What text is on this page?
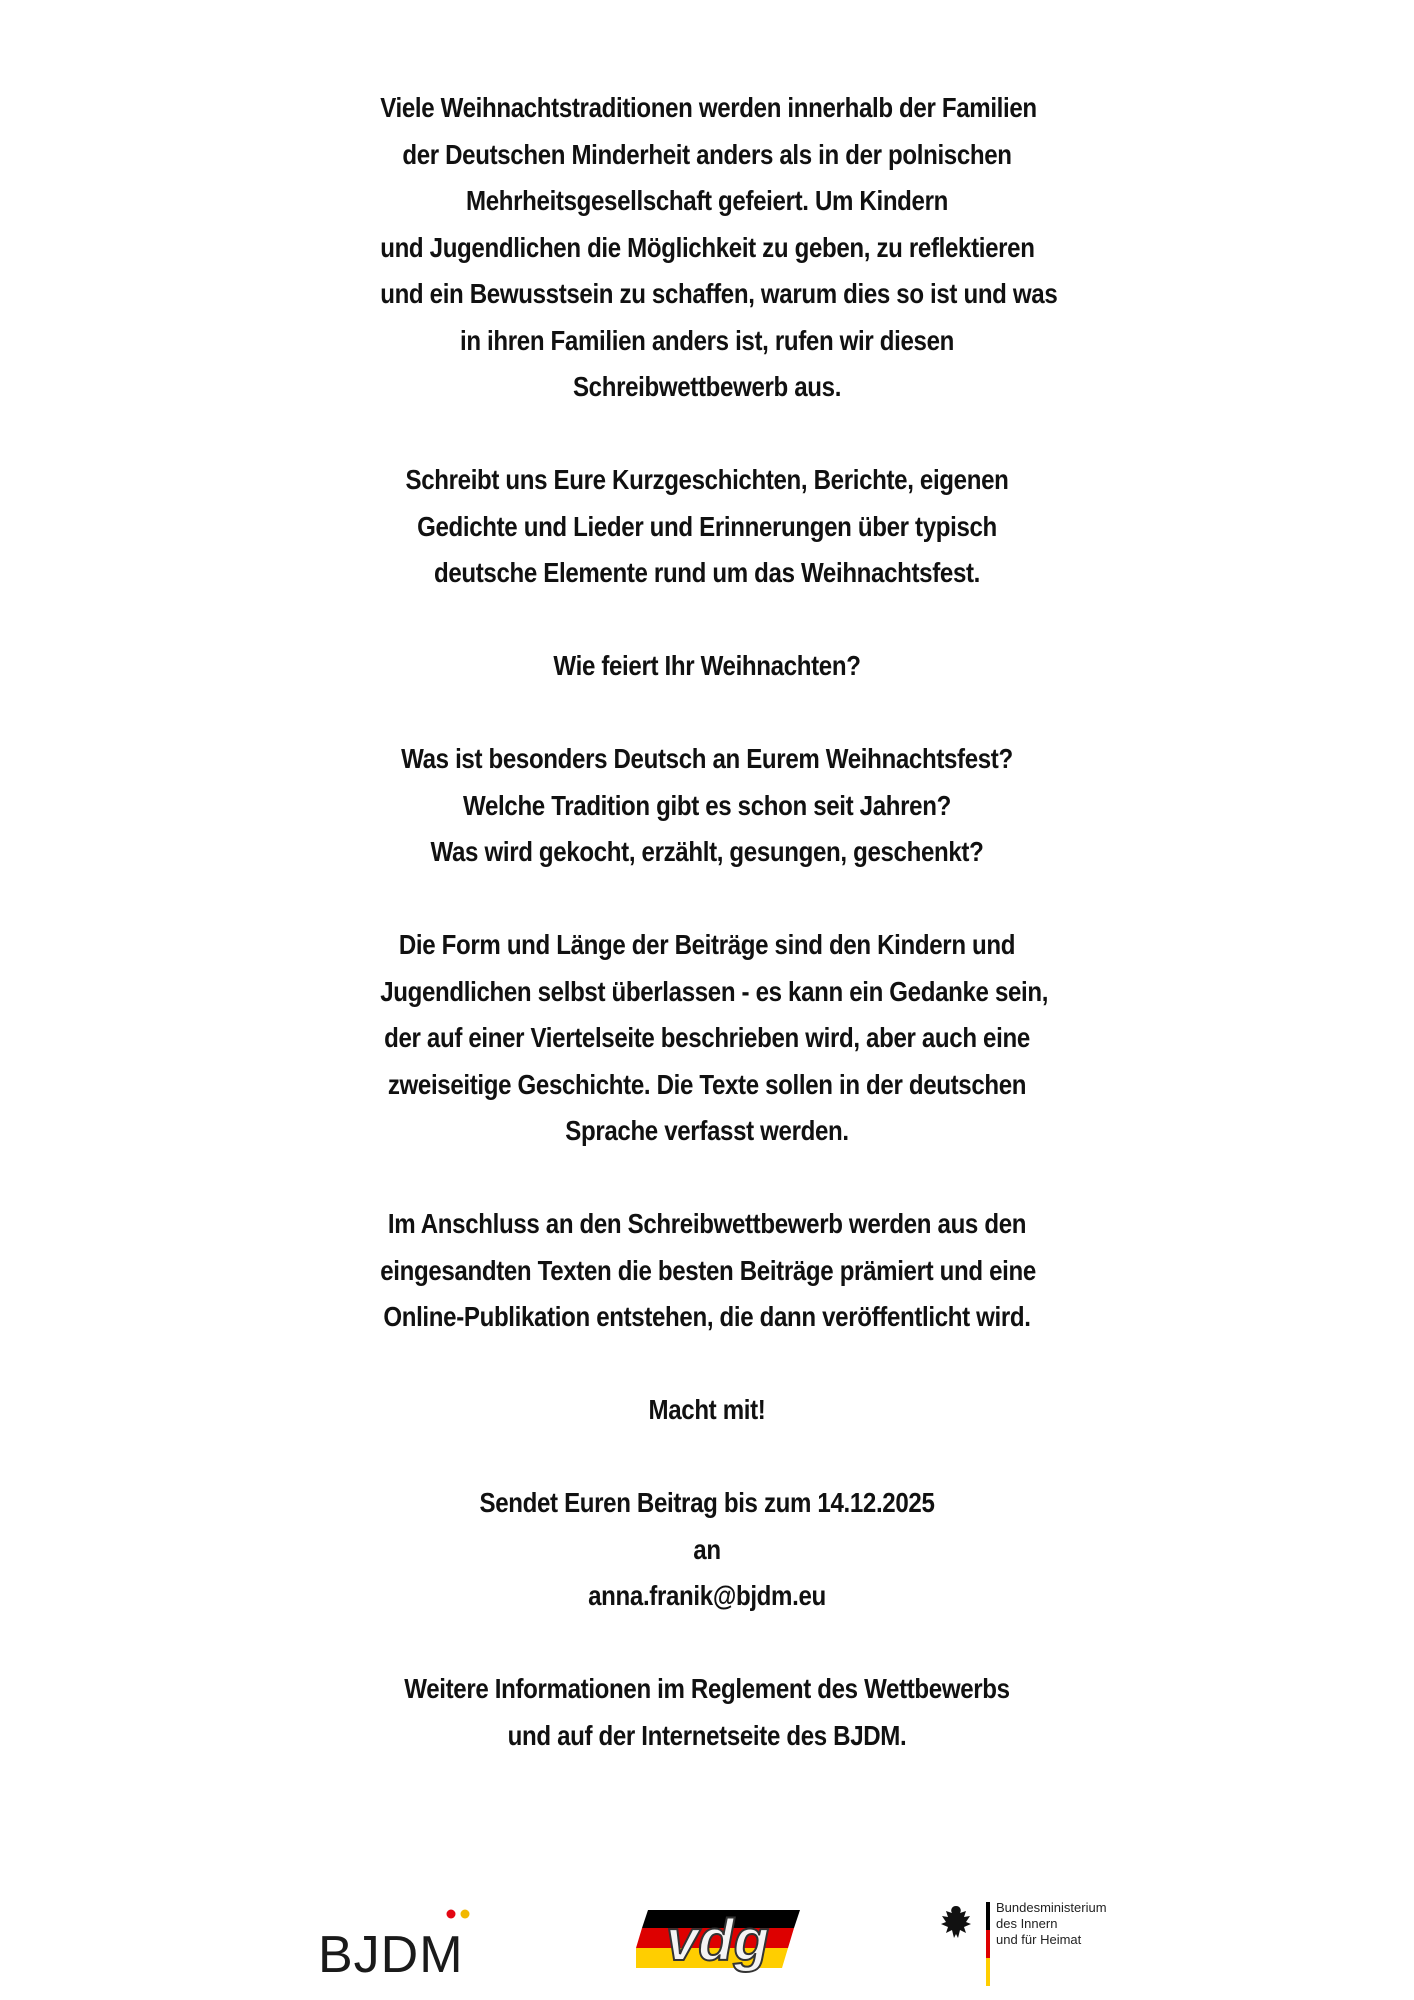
Viele Weihnachtstraditionen werden innerhalb der Familien
der Deutschen Minderheit anders als in der polnischen
Mehrheitsgesellschaft gefeiert. Um Kindern
und Jugendlichen die Möglichkeit zu geben, zu reflektieren
und ein Bewusstsein zu schaffen, warum dies so ist und was
in ihren Familien anders ist, rufen wir diesen
Schreibwettbewerb aus.
Schreibt uns Eure Kurzgeschichten, Berichte, eigenen
Gedichte und Lieder und Erinnerungen über typisch
deutsche Elemente rund um das Weihnachtsfest.
Wie feiert Ihr Weihnachten?
Was ist besonders Deutsch an Eurem Weihnachtsfest?
Welche Tradition gibt es schon seit Jahren?
Was wird gekocht, erzählt, gesungen, geschenkt?
Die Form und Länge der Beiträge sind den Kindern und
Jugendlichen selbst überlassen - es kann ein Gedanke sein,
der auf einer Viertelseite beschrieben wird, aber auch eine
zweiseitige Geschichte. Die Texte sollen in der deutschen
Sprache verfasst werden.
Im Anschluss an den Schreibwettbewerb werden aus den
eingesandten Texten die besten Beiträge prämiert und eine
Online-Publikation entstehen, die dann veröffentlicht wird.
Macht mit!
Sendet Euren Beitrag bis zum 14.12.2025
an
anna.franik@bjdm.eu
Weitere Informationen im Reglement des Wettbewerbs
und auf der Internetseite des BJDM.
BJDM	vdg
Bundesministerium
des Innern
und für Heimat
